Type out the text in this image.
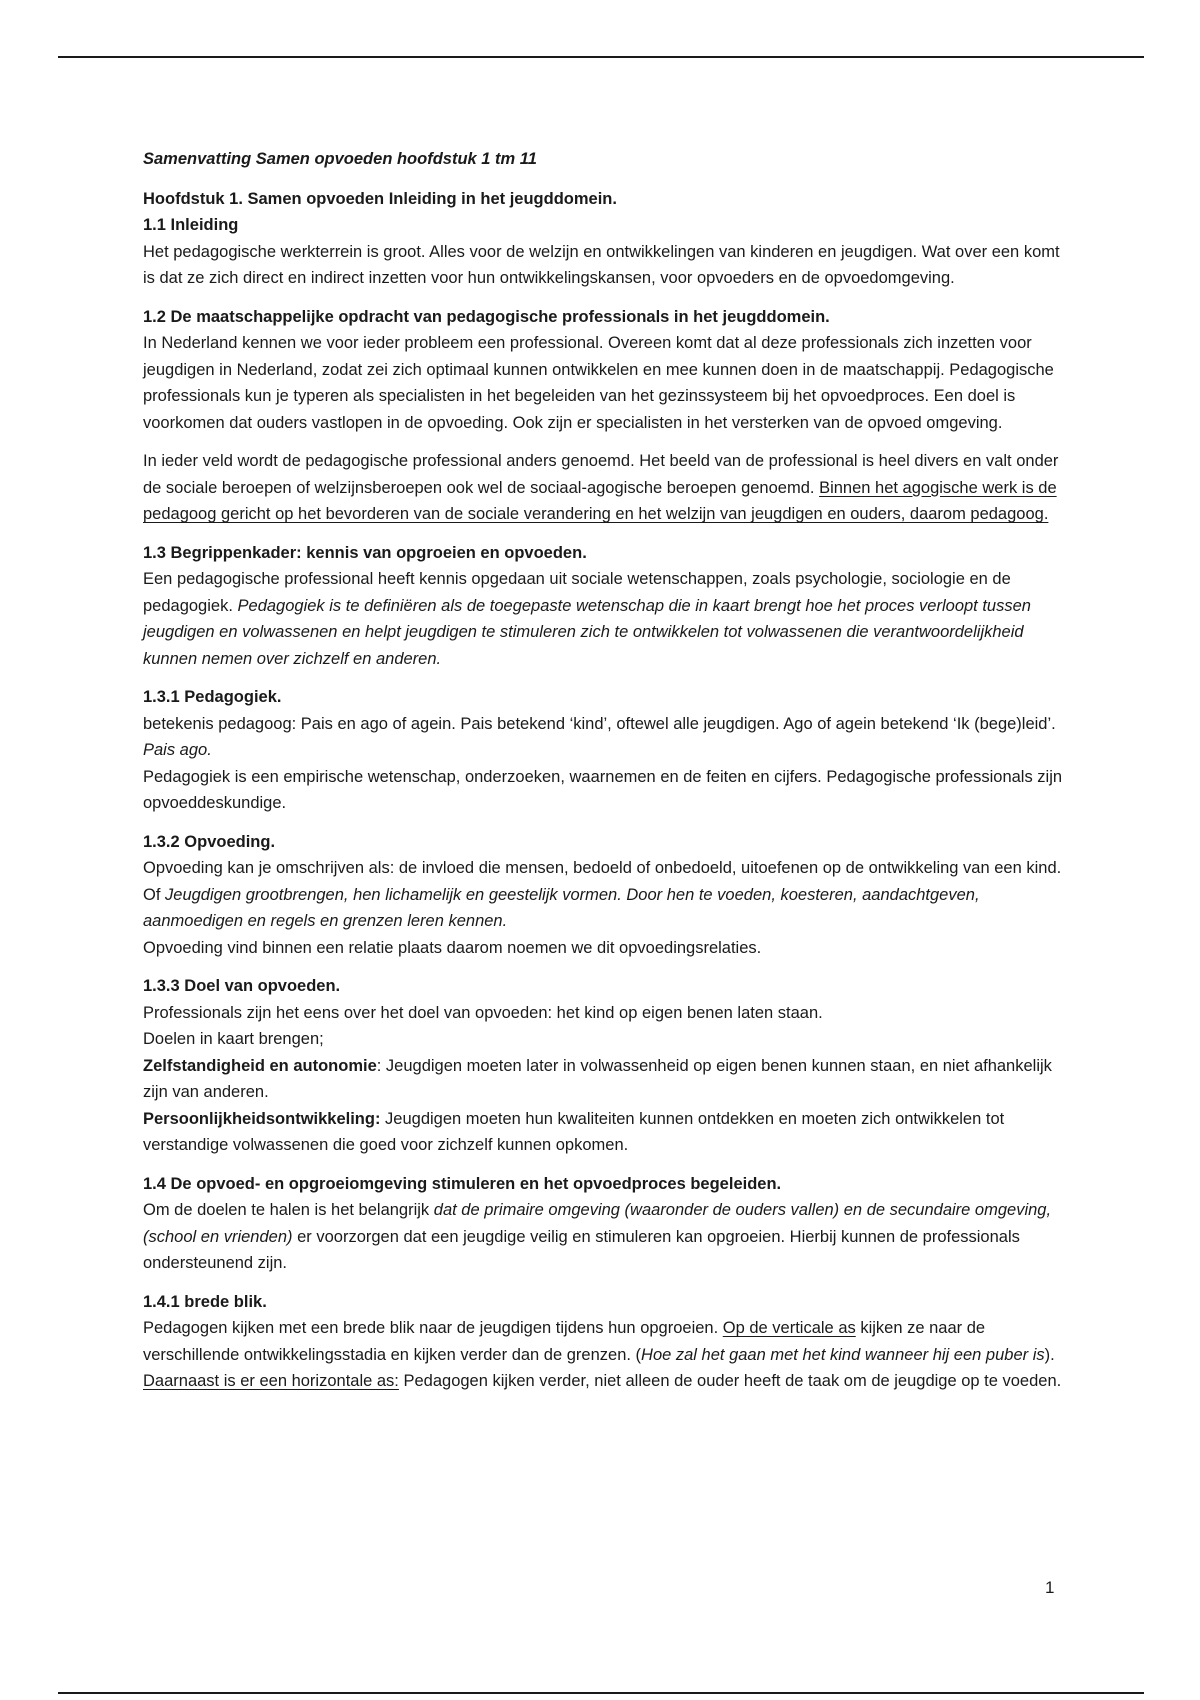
Samenvatting Samen opvoeden hoofdstuk 1 tm 11

Hoofdstuk 1. Samen opvoeden Inleiding in het jeugddomein.

1.1 Inleiding

Het pedagogische werkterrein is groot. Alles voor de welzijn en ontwikkelingen van kinderen en jeugdigen. Wat over een komt is dat ze zich direct en indirect inzetten voor hun ontwikkelingskansen, voor opvoeders en de opvoedomgeving.

1.2 De maatschappelijke opdracht van pedagogische professionals in het jeugddomein.

In Nederland kennen we voor ieder probleem een professional. Overeen komt dat al deze professionals zich inzetten voor jeugdigen in Nederland, zodat zei zich optimaal kunnen ontwikkelen en mee kunnen doen in de maatschappij. Pedagogische professionals kun je typeren als specialisten in het begeleiden van het gezinssysteem bij het opvoedproces. Een doel is voorkomen dat ouders vastlopen in de opvoeding. Ook zijn er specialisten in het versterken van de opvoed omgeving.

In ieder veld wordt de pedagogische professional anders genoemd. Het beeld van de professional is heel divers en valt onder de sociale beroepen of welzijnsberoepen ook wel de sociaal-agogische beroepen genoemd. Binnen het agogische werk is de pedagoog gericht op het bevorderen van de sociale verandering en het welzijn van jeugdigen en ouders, daarom pedagoog.

1.3 Begrippenkader: kennis van opgroeien en opvoeden.

Een pedagogische professional heeft kennis opgedaan uit sociale wetenschappen, zoals psychologie, sociologie en de pedagogiek. Pedagogiek is te definiëren als de toegepaste wetenschap die in kaart brengt hoe het proces verloopt tussen jeugdigen en volwassenen en helpt jeugdigen te stimuleren zich te ontwikkelen tot volwassenen die verantwoordelijkheid kunnen nemen over zichzelf en anderen.

1.3.1 Pedagogiek.

betekenis pedagoog: Pais en ago of agein. Pais betekend ‘kind’, oftewel alle jeugdigen. Ago of agein betekend ‘Ik (bege)leid’. Pais ago.

Pedagogiek is een empirische wetenschap, onderzoeken, waarnemen en de feiten en cijfers. Pedagogische professionals zijn opvoeddeskundige.

1.3.2 Opvoeding.

Opvoeding kan je omschrijven als: de invloed die mensen, bedoeld of onbedoeld, uitoefenen op de ontwikkeling van een kind. Of Jeugdigen grootbrengen, hen lichamelijk en geestelijk vormen. Door hen te voeden, koesteren, aandachtgeven, aanmoedigen en regels en grenzen leren kennen.

Opvoeding vind binnen een relatie plaats daarom noemen we dit opvoedingsrelaties.

1.3.3 Doel van opvoeden.

Professionals zijn het eens over het doel van opvoeden: het kind op eigen benen laten staan.

Doelen in kaart brengen;

Zelfstandigheid en autonomie: Jeugdigen moeten later in volwassenheid op eigen benen kunnen staan, en niet afhankelijk zijn van anderen.

Persoonlijkheidsontwikkeling: Jeugdigen moeten hun kwaliteiten kunnen ontdekken en moeten zich ontwikkelen tot verstandige volwassenen die goed voor zichzelf kunnen opkomen.

1.4 De opvoed- en opgroeiomgeving stimuleren en het opvoedproces begeleiden.

Om de doelen te halen is het belangrijk dat de primaire omgeving (waaronder de ouders vallen) en de secundaire omgeving, (school en vrienden) er voorzorgen dat een jeugdige veilig en stimuleren kan opgroeien. Hierbij kunnen de professionals ondersteunend zijn.

1.4.1 brede blik.

Pedagogen kijken met een brede blik naar de jeugdigen tijdens hun opgroeien. Op de verticale as kijken ze naar de verschillende ontwikkelingsstadia en kijken verder dan de grenzen. (Hoe zal het gaan met het kind wanneer hij een puber is). Daarnaast is er een horizontale as: Pedagogen kijken verder, niet alleen de ouder heeft de taak om de jeugdige op te voeden.

1
